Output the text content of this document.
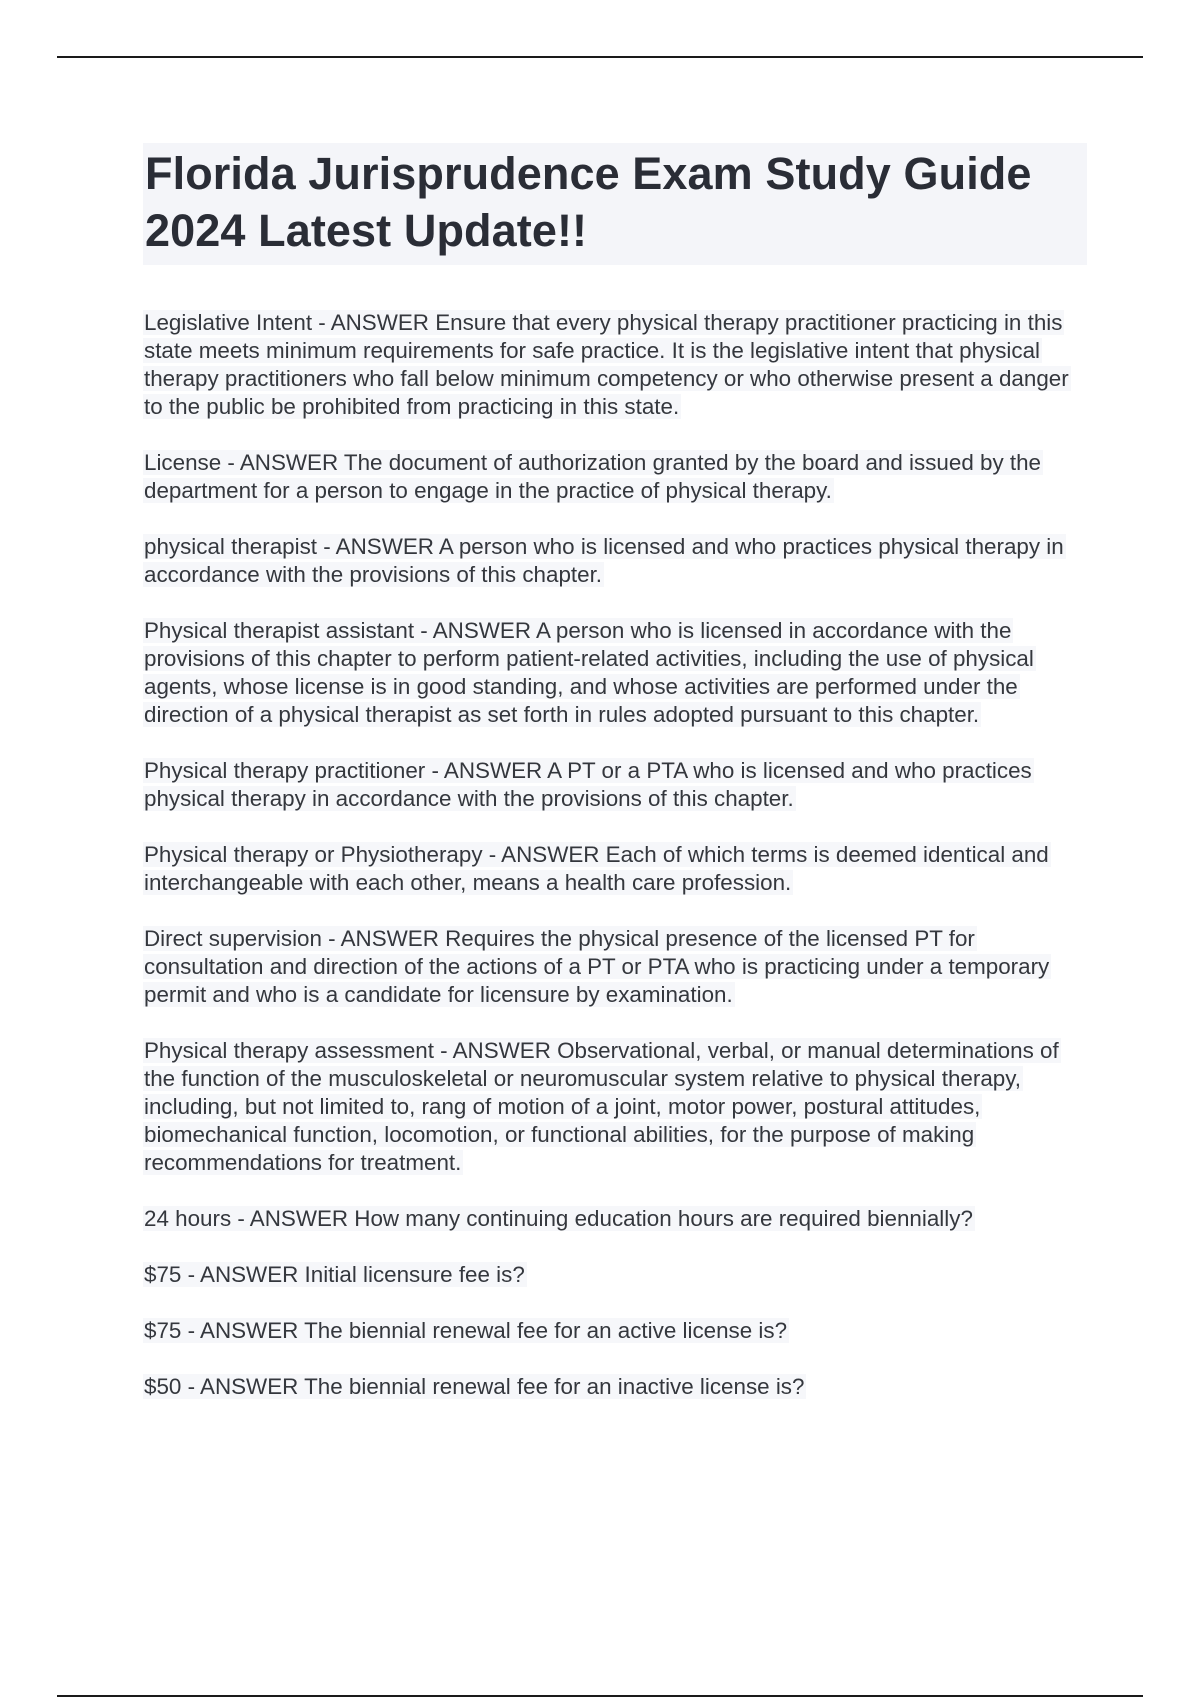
Florida Jurisprudence Exam Study Guide 2024 Latest Update!!

Legislative Intent - ANSWER Ensure that every physical therapy practitioner practicing in this state meets minimum requirements for safe practice. It is the legislative intent that physical therapy practitioners who fall below minimum competency or who otherwise present a danger to the public be prohibited from practicing in this state.

License - ANSWER The document of authorization granted by the board and issued by the department for a person to engage in the practice of physical therapy.

physical therapist - ANSWER A person who is licensed and who practices physical therapy in accordance with the provisions of this chapter.

Physical therapist assistant - ANSWER A person who is licensed in accordance with the provisions of this chapter to perform patient-related activities, including the use of physical agents, whose license is in good standing, and whose activities are performed under the direction of a physical therapist as set forth in rules adopted pursuant to this chapter.

Physical therapy practitioner - ANSWER A PT or a PTA who is licensed and who practices physical therapy in accordance with the provisions of this chapter.

Physical therapy or Physiotherapy - ANSWER Each of which terms is deemed identical and interchangeable with each other, means a health care profession.

Direct supervision - ANSWER Requires the physical presence of the licensed PT for consultation and direction of the actions of a PT or PTA who is practicing under a temporary permit and who is a candidate for licensure by examination.

Physical therapy assessment - ANSWER Observational, verbal, or manual determinations of the function of the musculoskeletal or neuromuscular system relative to physical therapy, including, but not limited to, rang of motion of a joint, motor power, postural attitudes, biomechanical function, locomotion, or functional abilities, for the purpose of making recommendations for treatment.

24 hours - ANSWER How many continuing education hours are required biennially?

$75 - ANSWER Initial licensure fee is?

$75 - ANSWER The biennial renewal fee for an active license is?

$50 - ANSWER The biennial renewal fee for an inactive license is?
